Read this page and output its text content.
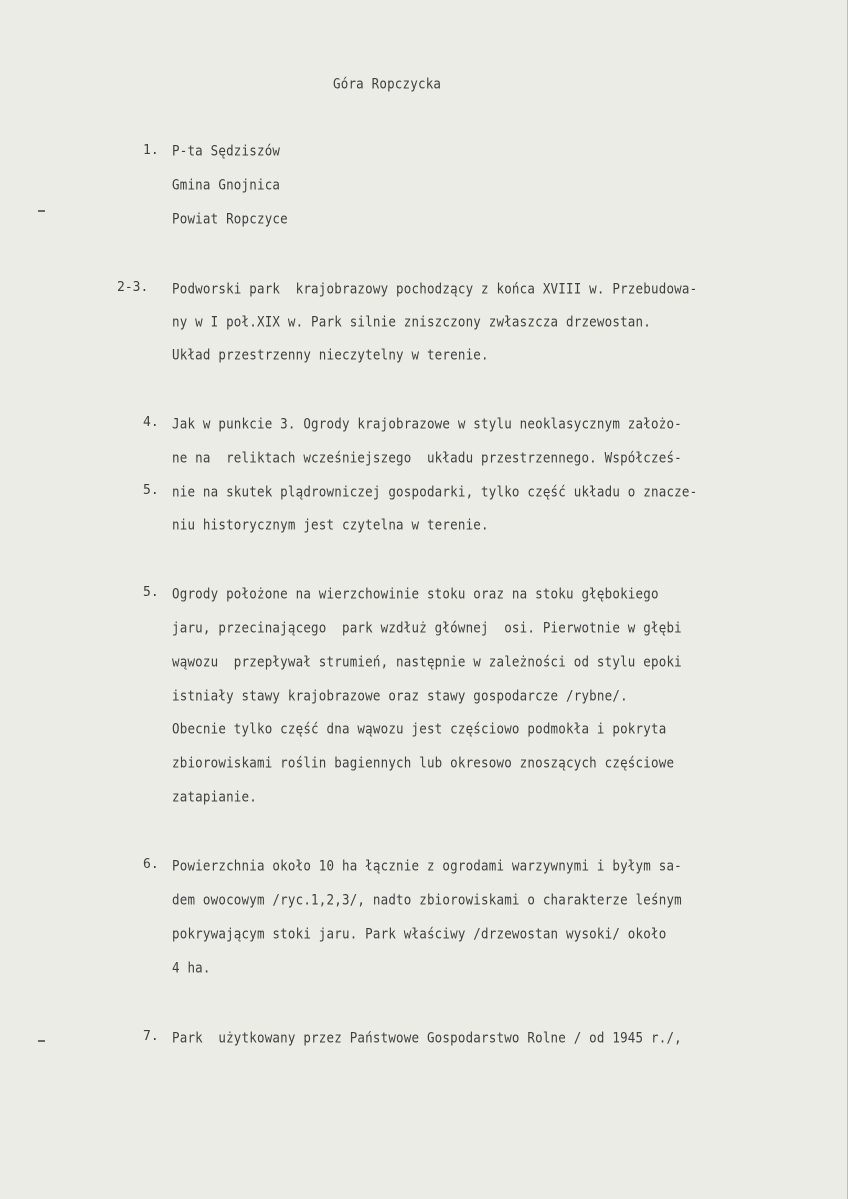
Góra Ropczycka
1. P-ta Sędziszów
Gmina Gnojnica
Powiat Ropczyce
2-3. Podworski park  krajobrazowy pochodzący z końca XVIII w. Przebudowa-
ny w I poł.XIX w. Park silnie zniszczony zwłaszcza drzewostan.
Układ przestrzenny nieczytelny w terenie.
4.
5.
Jak w punkcie 3. Ogrody krajobrazowe w stylu neoklasycznym założo-
ne na  reliktach wcześniejszego  układu przestrzennego. Współcześ-
nie na skutek plądrowniczej gospodarki, tylko część układu o znacze-
niu historycznym jest czytelna w terenie.
5. Ogrody położone na wierzchowinie stoku oraz na stoku głębokiego
jaru, przecinającego  park wzdłuż głównej  osi. Pierwotnie w głębi
wąwozu  przepływał strumień, następnie w zależności od stylu epoki
istniały stawy krajobrazowe oraz stawy gospodarcze /rybne/.
Obecnie tylko część dna wąwozu jest częściowo podmokła i pokryta
zbiorowiskami roślin bagiennych lub okresowo znoszących częściowe
zatapianie.
6. Powierzchnia około 10 ha łącznie z ogrodami warzywnymi i byłym sa-
dem owocowym /ryc.1,2,3/, nadto zbiorowiskami o charakterze leśnym
pokrywającym stoki jaru. Park właściwy /drzewostan wysoki/ około
4 ha.
7. Park  użytkowany przez Państwowe Gospodarstwo Rolne / od 1945 r./,
